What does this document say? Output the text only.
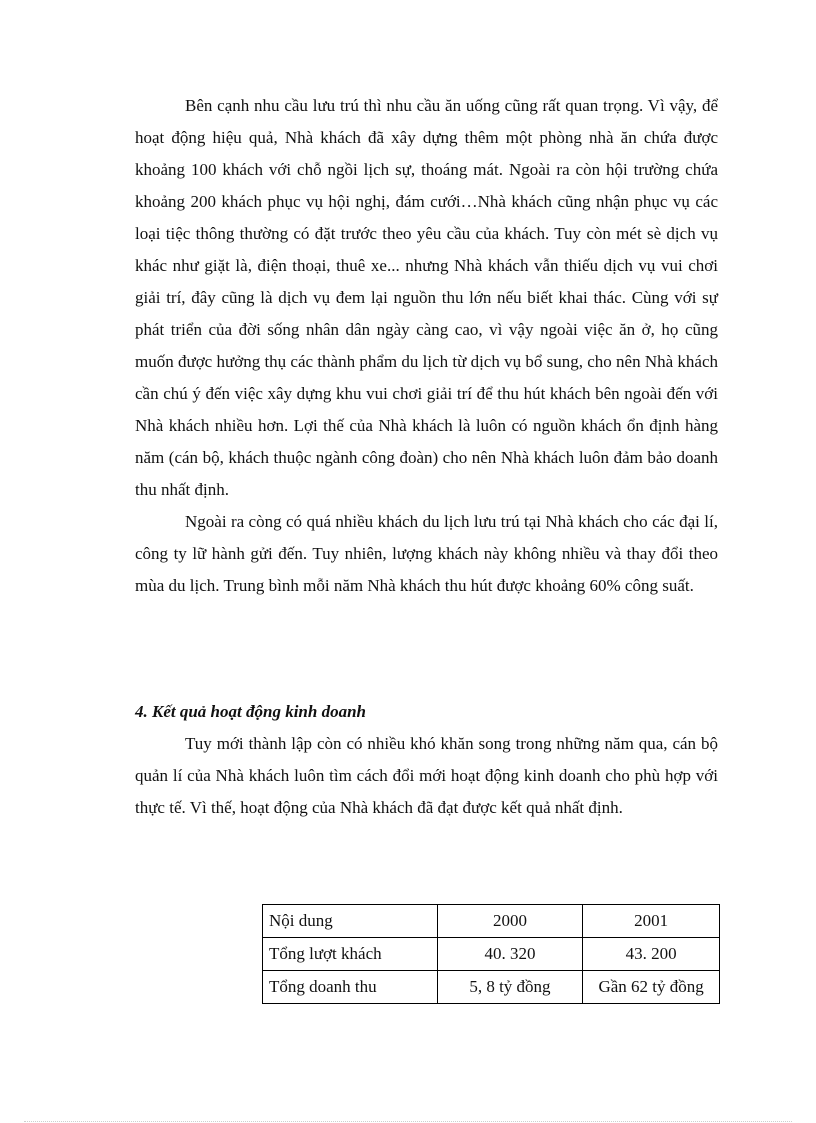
Bên cạnh nhu cầu lưu trú thì nhu cầu ăn uống cũng rất quan trọng. Vì vậy, để hoạt động hiệu quả, Nhà khách đã xây dựng thêm một phòng nhà ăn chứa được khoảng 100 khách với chỗ ngồi lịch sự, thoáng mát. Ngoài ra còn hội trường chứa khoảng 200 khách phục vụ hội nghị, đám cưới…Nhà khách cũng nhận phục vụ các loại tiệc thông thường có đặt trước theo yêu cầu của khách. Tuy còn mét sè dịch vụ khác như giặt là, điện thoại, thuê xe... nhưng Nhà khách vẫn thiếu dịch vụ vui chơi giải trí, đây cũng là dịch vụ đem lại nguồn thu lớn nếu biết khai thác. Cùng với sự phát triển của đời sống nhân dân ngày càng cao, vì vậy ngoài việc ăn ở, họ cũng muốn được hưởng thụ các thành phẩm du lịch từ dịch vụ bổ sung, cho nên Nhà khách cần chú ý đến việc xây dựng khu vui chơi giải trí để thu hút khách bên ngoài đến với Nhà khách nhiều hơn. Lợi thế của Nhà khách là luôn có nguồn khách ổn định hàng năm (cán bộ, khách thuộc ngành công đoàn) cho nên Nhà khách luôn đảm bảo doanh thu nhất định.

Ngoài ra còng có quá nhiều khách du lịch lưu trú tại Nhà khách cho các đại lí, công ty lữ hành gửi đến. Tuy nhiên, lượng khách này không nhiều và thay đổi theo mùa du lịch. Trung bình mỗi năm Nhà khách thu hút được khoảng 60% công suất.

4. Kết quả hoạt động kinh doanh

Tuy mới thành lập còn có nhiều khó khăn song trong những năm qua, cán bộ quản lí của Nhà khách luôn tìm cách đổi mới hoạt động kinh doanh cho phù hợp với thực tế. Vì thế, hoạt động của Nhà khách đã đạt được kết quả nhất định.

Nội dung	2000	2001
Tổng lượt khách	40. 320	43. 200
Tổng doanh thu	5, 8 tỷ đồng	Gần 62 tỷ đồng
